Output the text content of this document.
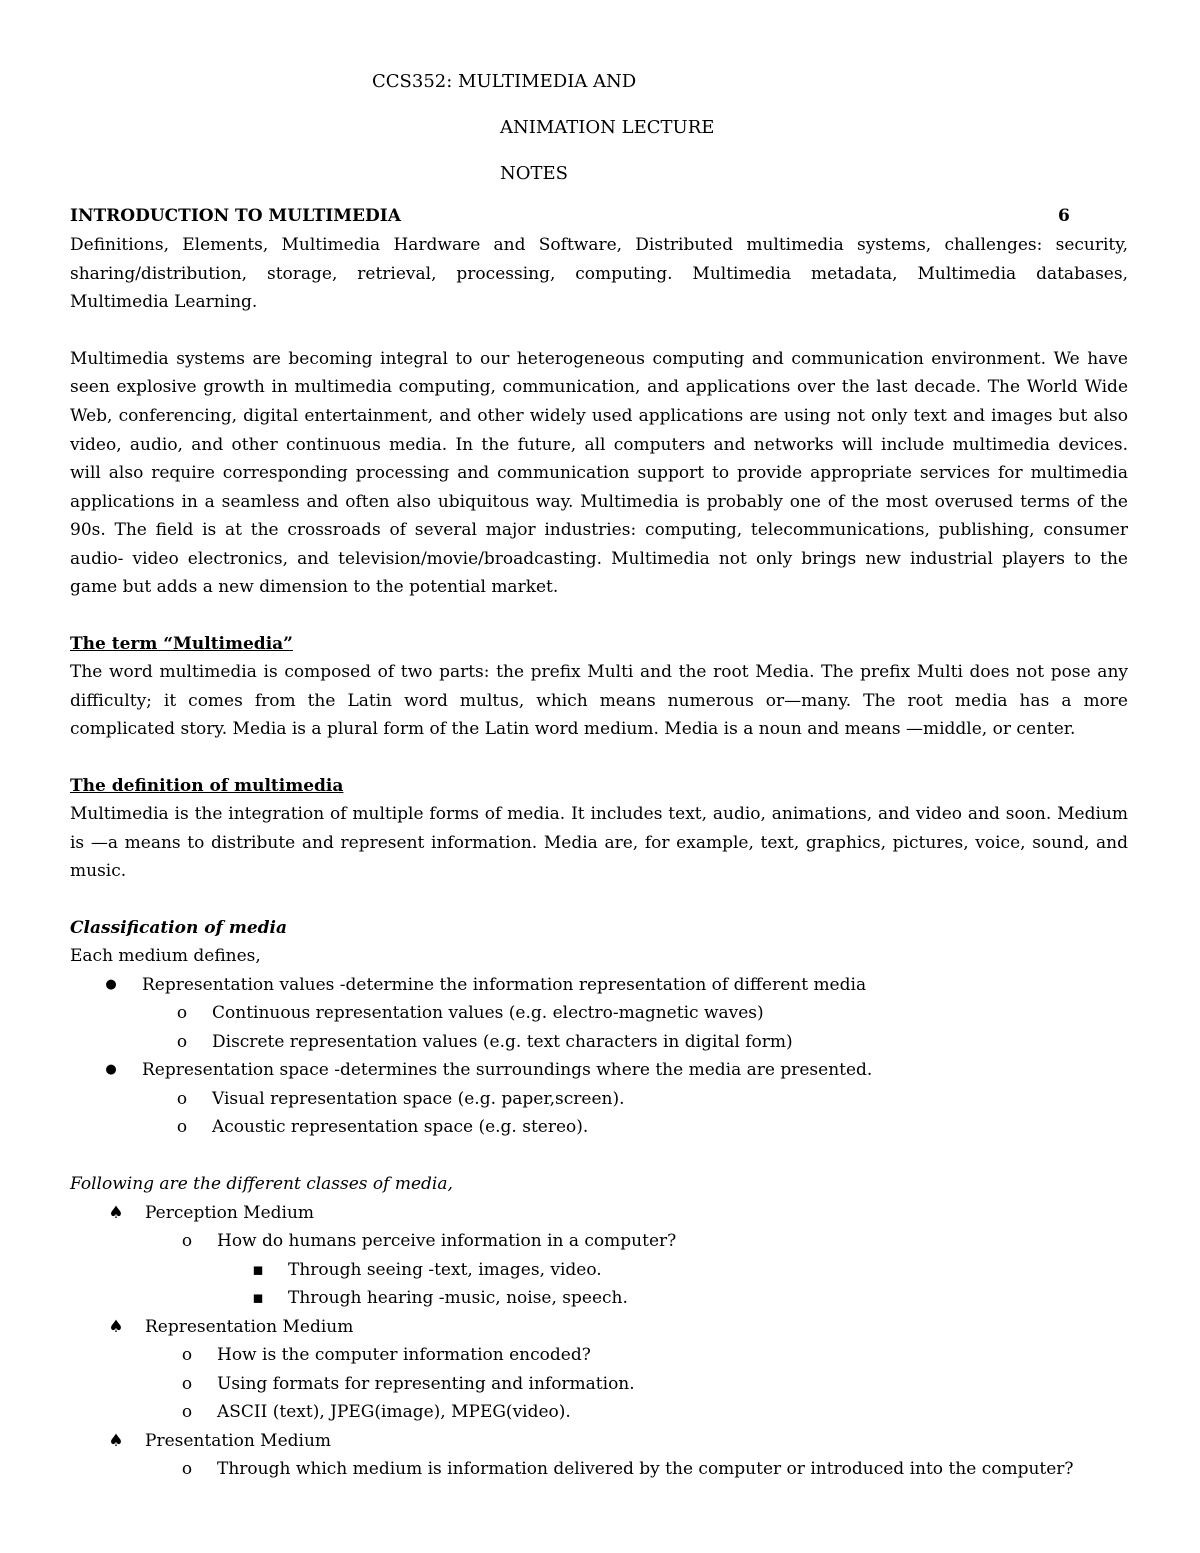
CCS352: MULTIMEDIA AND
ANIMATION LECTURE
NOTES
INTRODUCTION TO MULTIMEDIA	6
Definitions, Elements, Multimedia Hardware and Software, Distributed multimedia systems, challenges: security,
sharing/distribution, storage, retrieval, processing, computing. Multimedia metadata, Multimedia databases,
Multimedia Learning.
Multimedia systems are becoming integral to our heterogeneous computing and communication environment. We have
seen explosive growth in multimedia computing, communication, and applications over the last decade. The World Wide
Web, conferencing, digital entertainment, and other widely used applications are using not only text and images but also
video, audio, and other continuous media. In the future, all computers and networks will include multimedia devices.
will also require corresponding processing and communication support to provide appropriate services for multimedia
applications in a seamless and often also ubiquitous way. Multimedia is probably one of the most overused terms of the
90s. The field is at the crossroads of several major industries: computing, telecommunications, publishing, consumer
audio- video electronics, and television/movie/broadcasting. Multimedia not only brings new industrial players to the
game but adds a new dimension to the potential market.
The term “Multimedia”
The word multimedia is composed of two parts: the prefix Multi and the root Media. The prefix Multi does not pose any
difficulty; it comes from the Latin word multus, which means numerous or—many. The root media has a more
complicated story. Media is a plural form of the Latin word medium. Media is a noun and means —middle, or center.
The definition of multimedia
Multimedia is the integration of multiple forms of media. It includes text, audio, animations, and video and soon. Medium
is —a means to distribute and represent information. Media are, for example, text, graphics, pictures, voice, sound, and
music.
Classification of media
Each medium defines,
● Representation values -determine the information representation of different media
o Continuous representation values (e.g. electro-magnetic waves)
o Discrete representation values (e.g. text characters in digital form)
● Representation space -determines the surroundings where the media are presented.
o Visual representation space (e.g. paper,screen).
o Acoustic representation space (e.g. stereo).
Following are the different classes of media,
♠ Perception Medium
o How do humans perceive information in a computer?
▪ Through seeing -text, images, video.
▪ Through hearing -music, noise, speech.
♠ Representation Medium
o How is the computer information encoded?
o Using formats for representing and information.
o ASCII (text), JPEG(image), MPEG(video).
♠ Presentation Medium
o Through which medium is information delivered by the computer or introduced into the computer?
